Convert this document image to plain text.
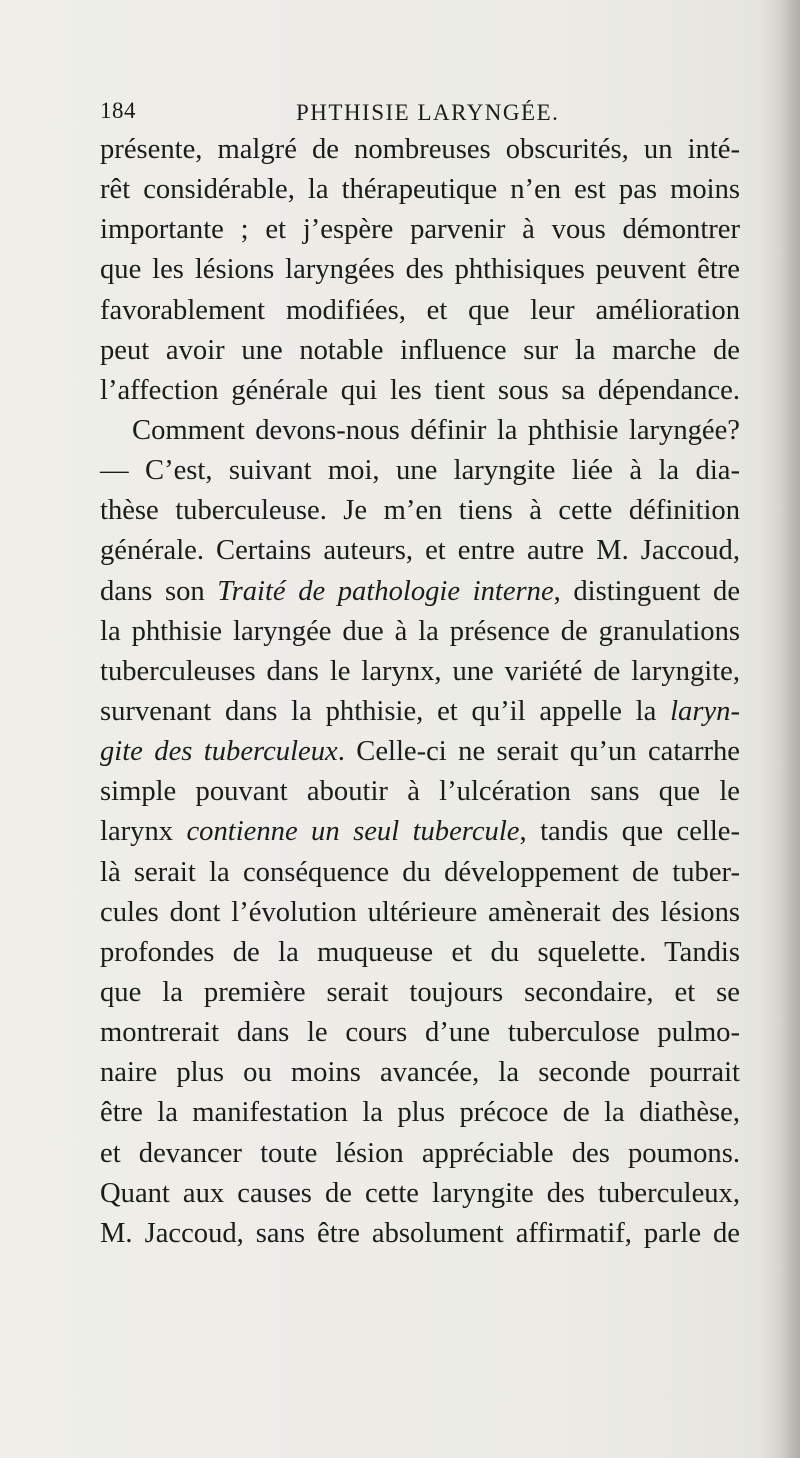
184	PHTHISIE LARYNGÉE.
présente, malgré de nombreuses obscurités, un inté-
rêt considérable, la thérapeutique n’en est pas moins
importante ; et j’espère parvenir à vous démontrer
que les lésions laryngées des phthisiques peuvent être
favorablement modifiées, et que leur amélioration
peut avoir une notable influence sur la marche de
l’affection générale qui les tient sous sa dépendance.
Comment devons-nous définir la phthisie laryngée?
— C’est, suivant moi, une laryngite liée à la dia-
thèse tuberculeuse. Je m’en tiens à cette définition
générale. Certains auteurs, et entre autre M. Jaccoud,
dans son Traité de pathologie interne, distinguent de
la phthisie laryngée due à la présence de granulations
tuberculeuses dans le larynx, une variété de laryngite,
survenant dans la phthisie, et qu’il appelle la laryn-
gite des tuberculeux. Celle-ci ne serait qu’un catarrhe
simple pouvant aboutir à l’ulcération sans que le
larynx contienne un seul tubercule, tandis que celle-
là serait la conséquence du développement de tuber-
cules dont l’évolution ultérieure amènerait des lésions
profondes de la muqueuse et du squelette. Tandis
que la première serait toujours secondaire, et se
montrerait dans le cours d’une tuberculose pulmo-
naire plus ou moins avancée, la seconde pourrait
être la manifestation la plus précoce de la diathèse,
et devancer toute lésion appréciable des poumons.
Quant aux causes de cette laryngite des tuberculeux,
M. Jaccoud, sans être absolument affirmatif, parle de
